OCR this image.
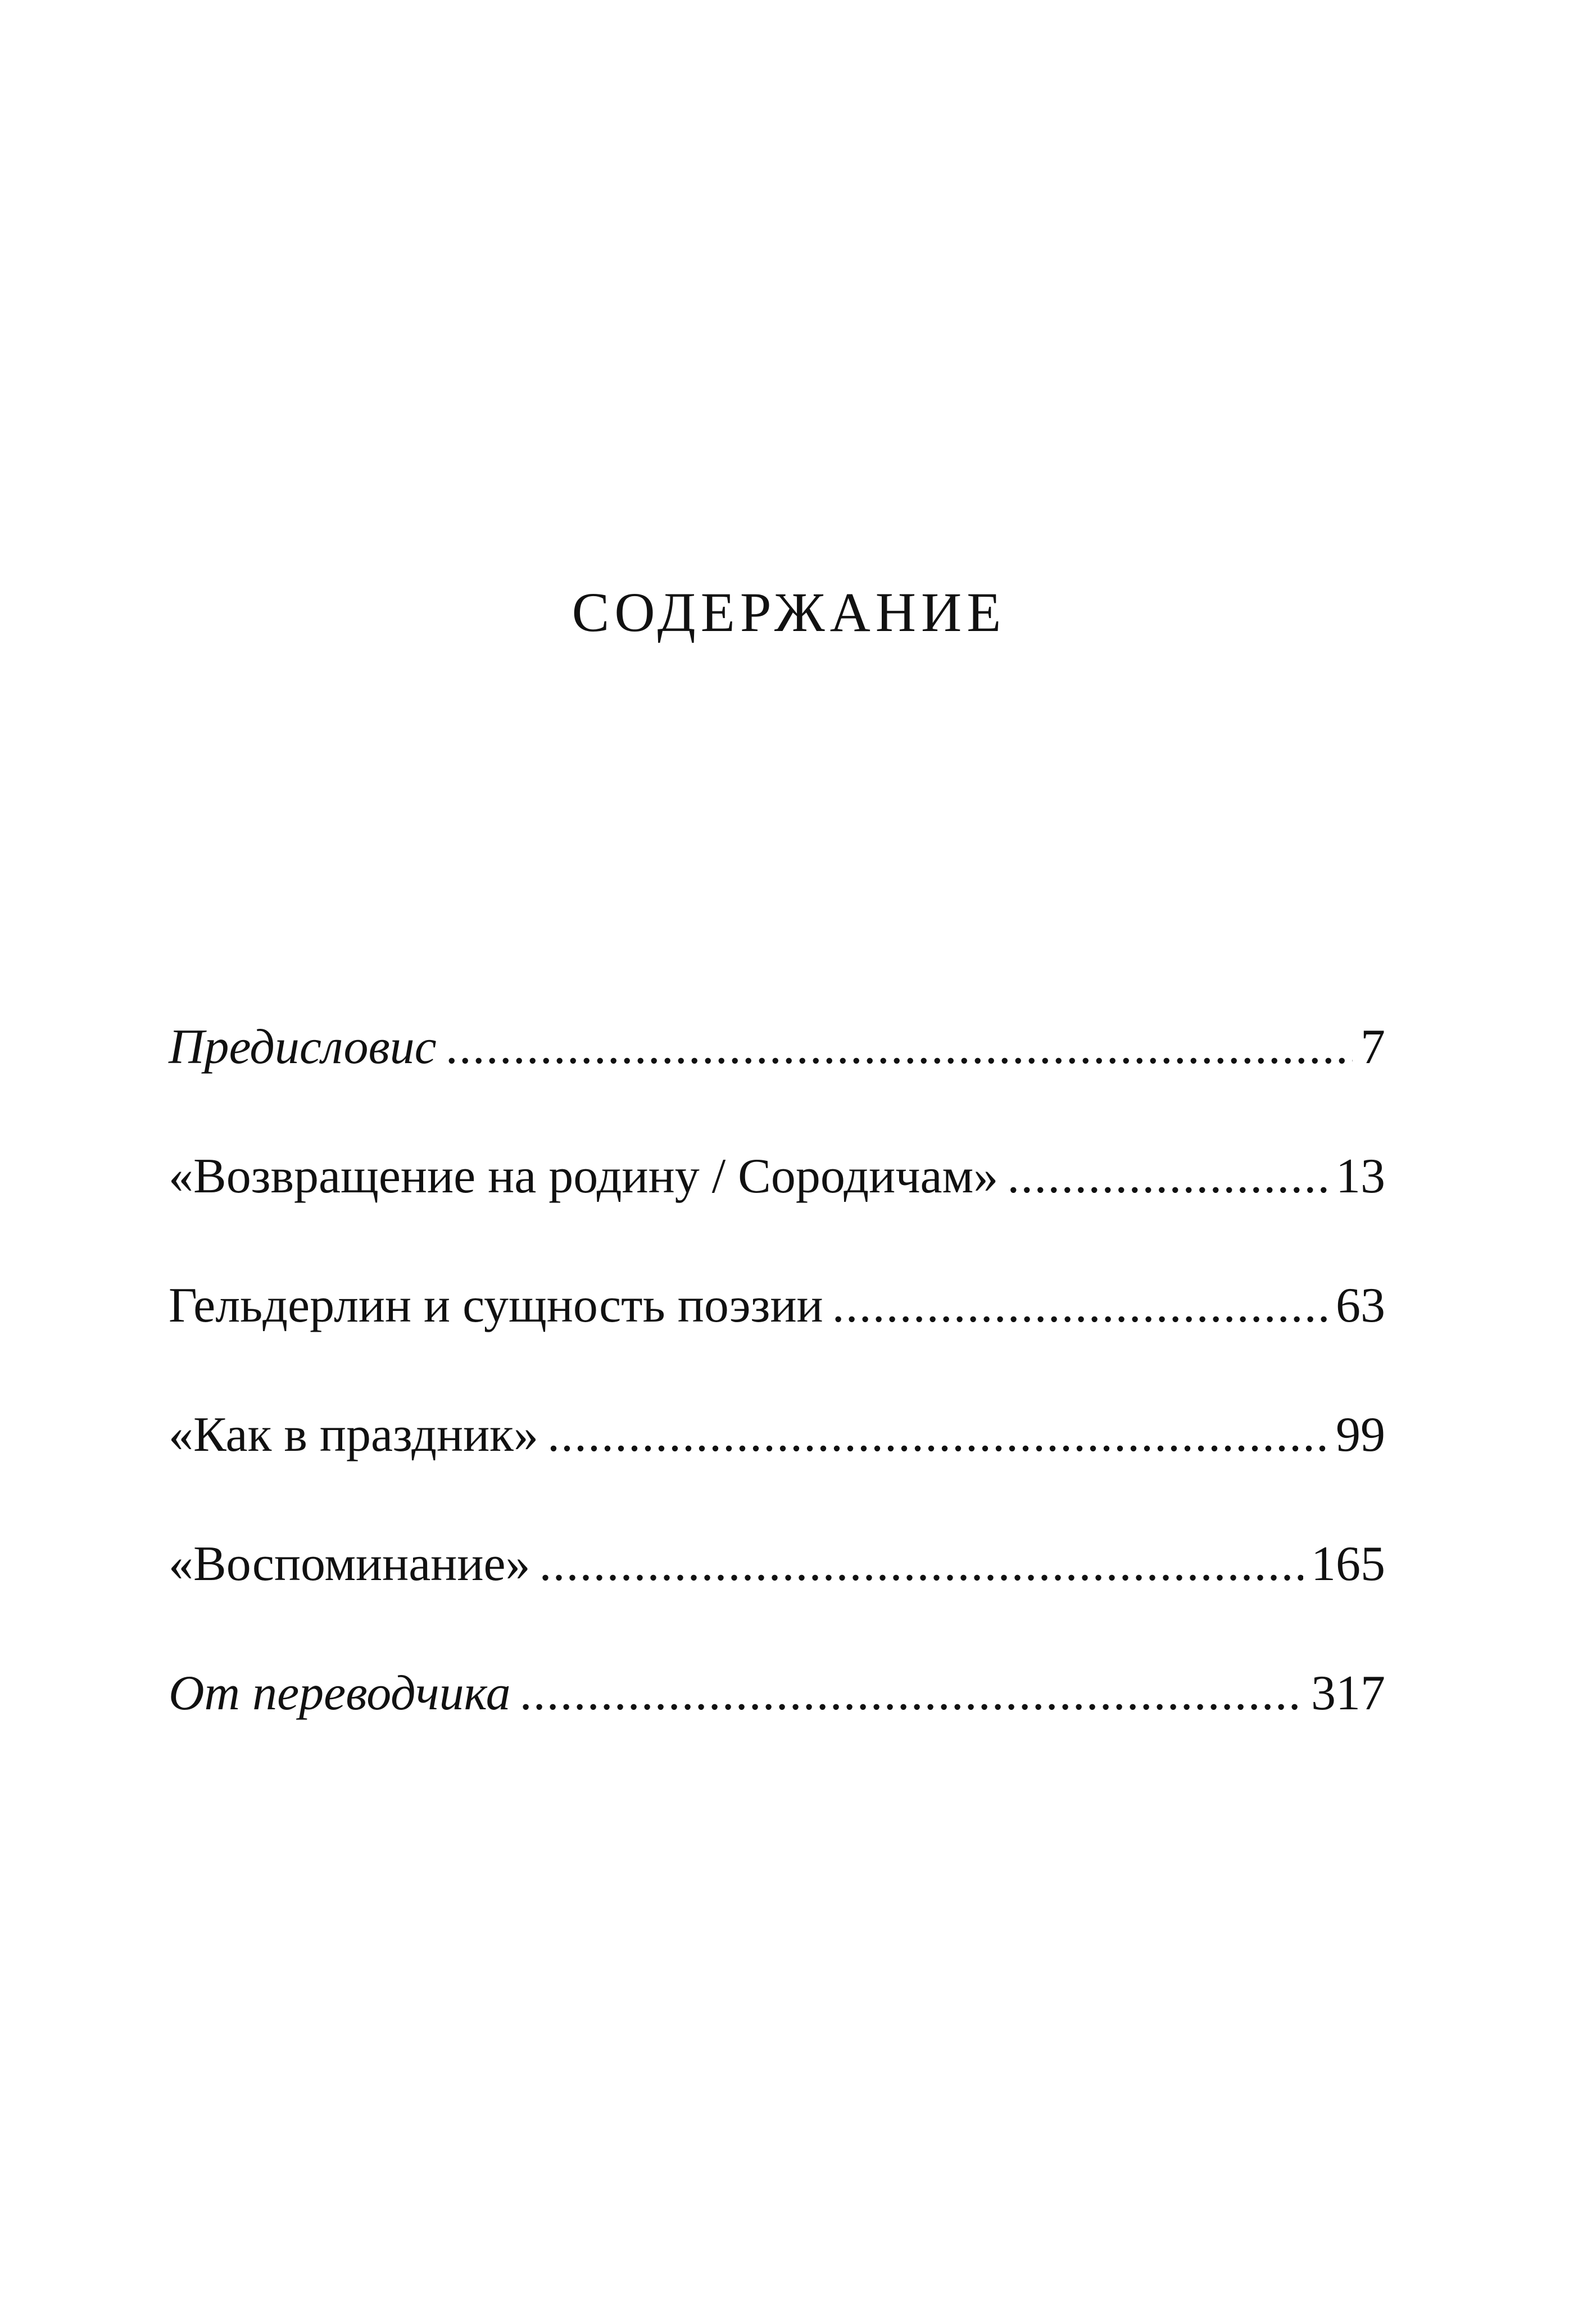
СОДЕРЖАНИЕ
Предисловис .....	7
«Возвращение на родину / Сородичам» .....	13
Гельдерлин и сущность поэзии .....	63
«Как в праздник» .....	99
«Воспоминание» .....	165
От переводчика .....	317
